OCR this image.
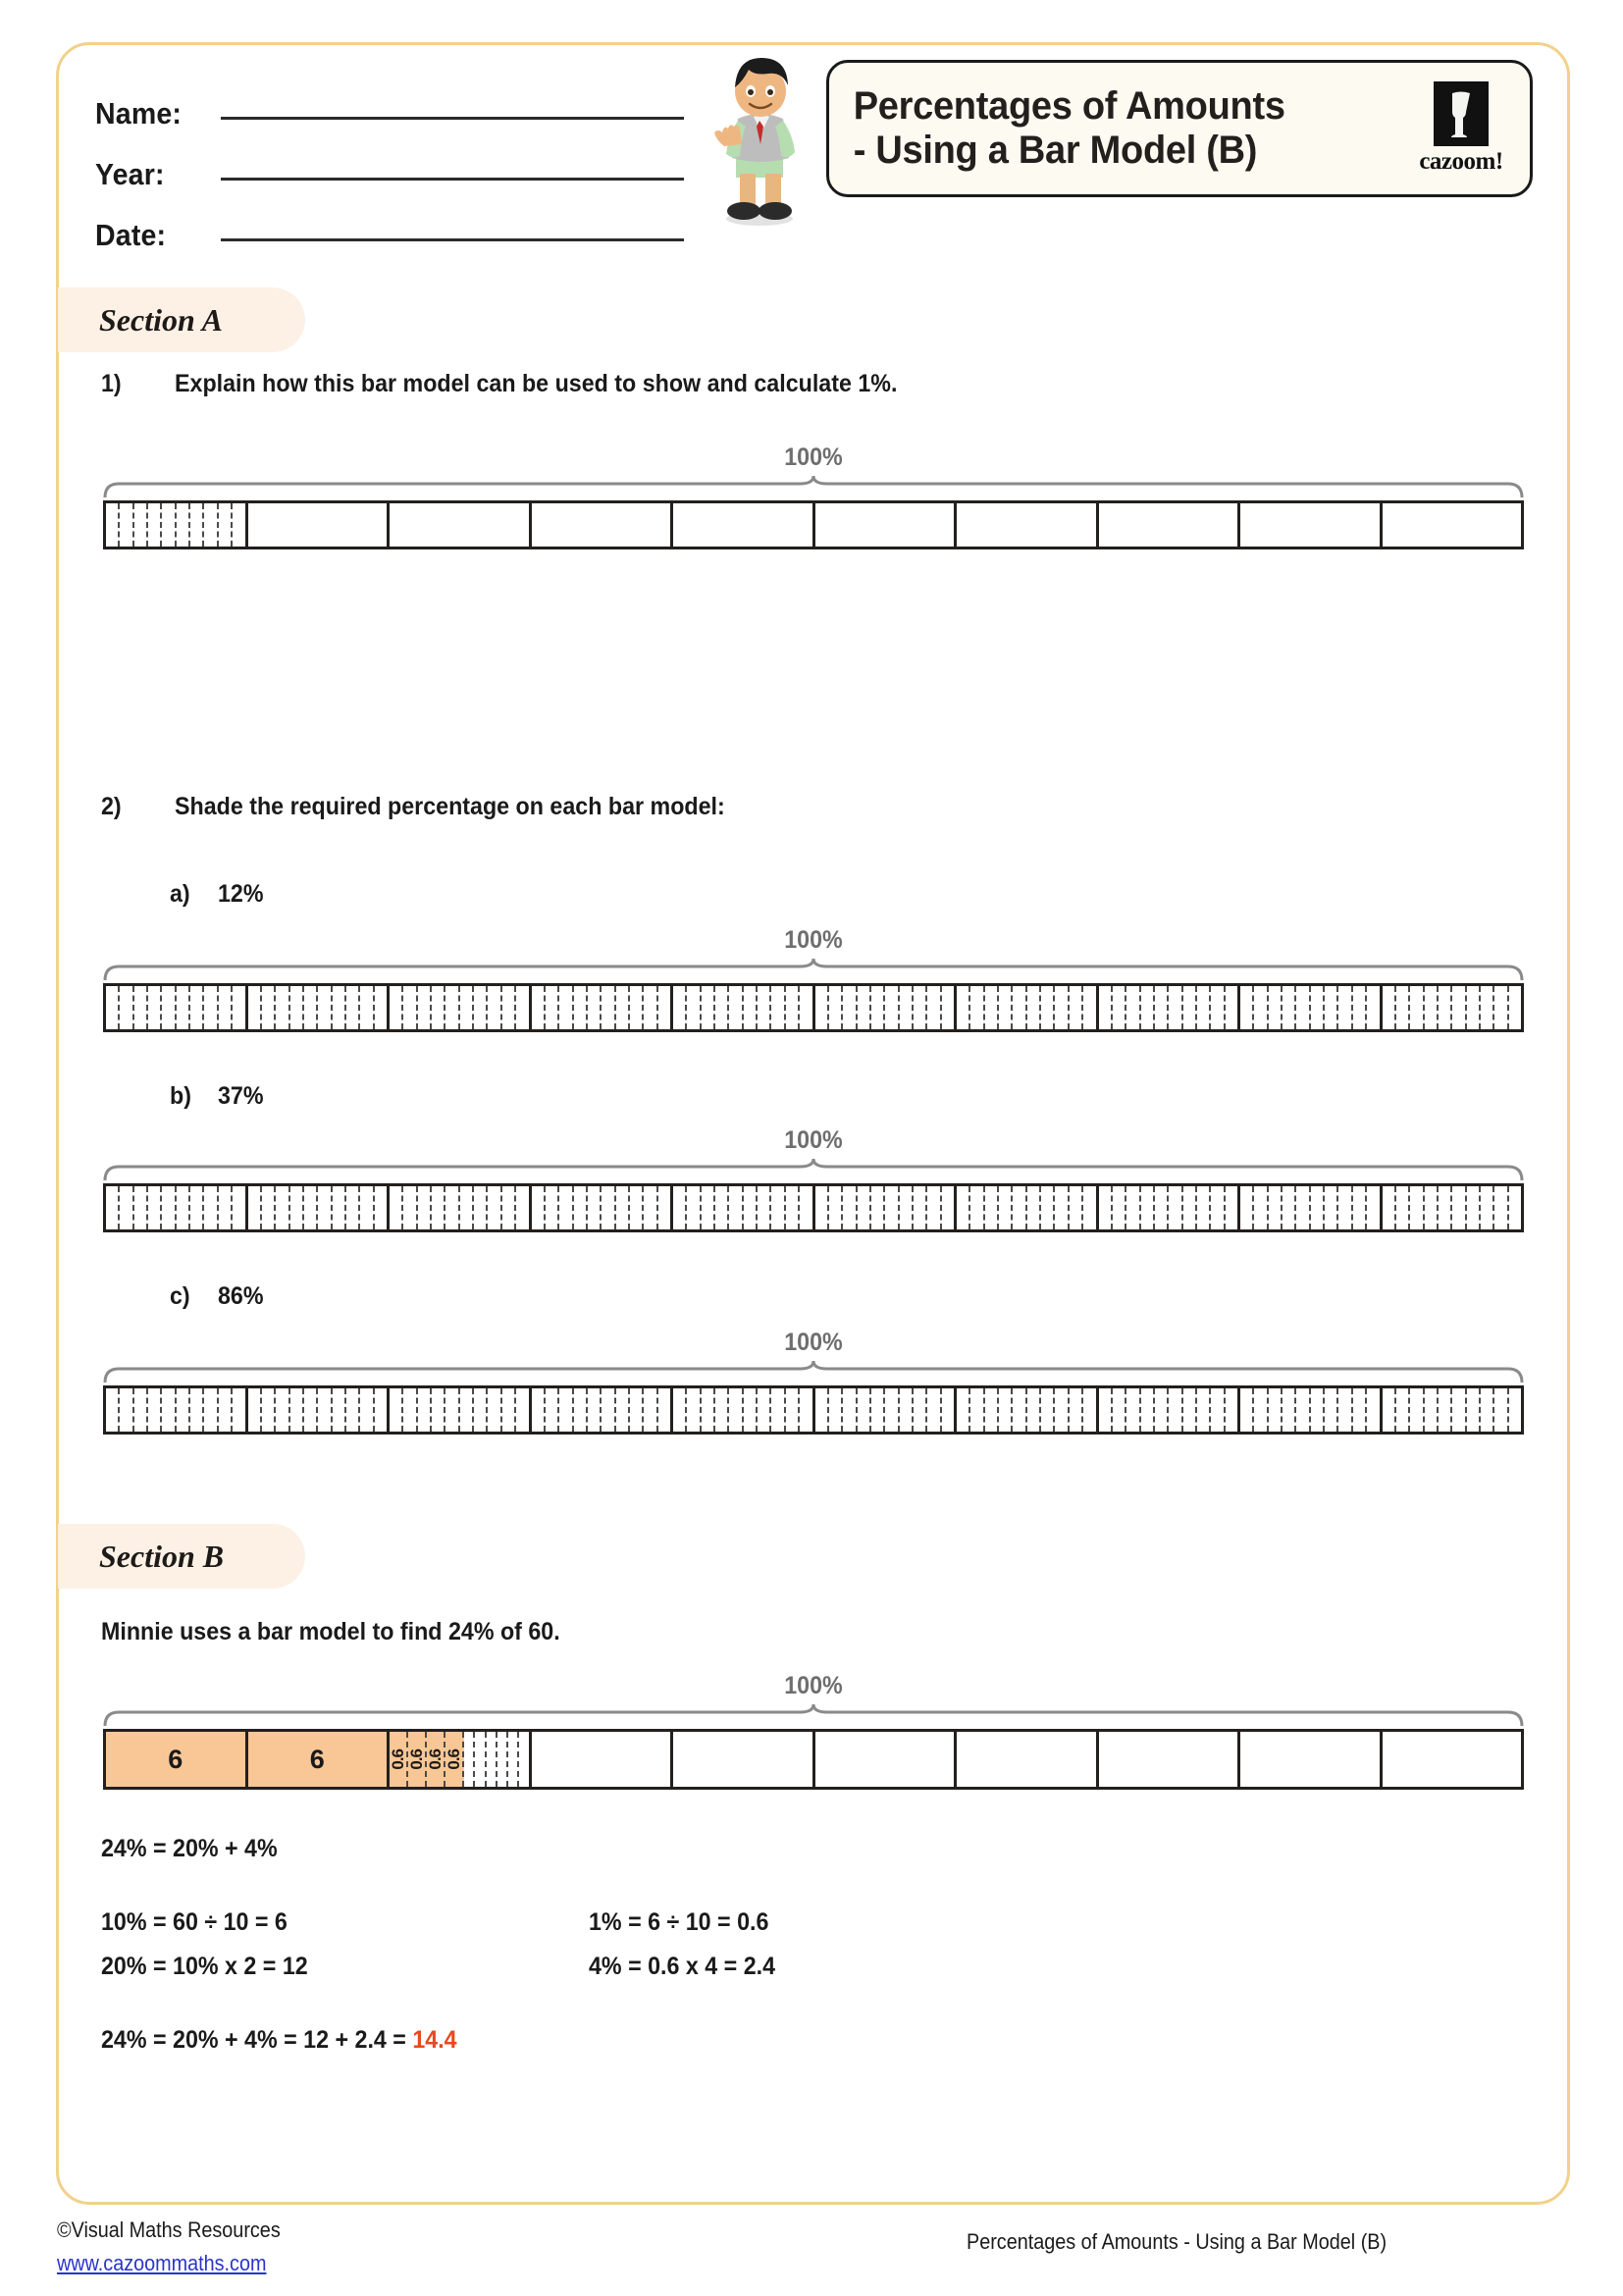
Name:
Year:
Date:
Percentages of Amounts
- Using a Bar Model (B)	cazoom!
Section A
1) Explain how this bar model can be used to show and calculate 1%.
100%
2) Shade the required percentage on each bar model:
a) 12%
100%
b) 37%
100%
c) 86%
100%
Section B
Minnie uses a bar model to find 24% of 60.
100%
6	6	0.6 0.6 0.6 0.6
24% = 20% + 4%
10% = 60 ÷ 10 = 6
20% = 10% x 2 = 12
1% = 6 ÷ 10 = 0.6
4% = 0.6 x 4 = 2.4
24% = 20% + 4% = 12 + 2.4 = 14.4
©Visual Maths Resources
www.cazoommaths.com
Percentages of Amounts - Using a Bar Model (B)
